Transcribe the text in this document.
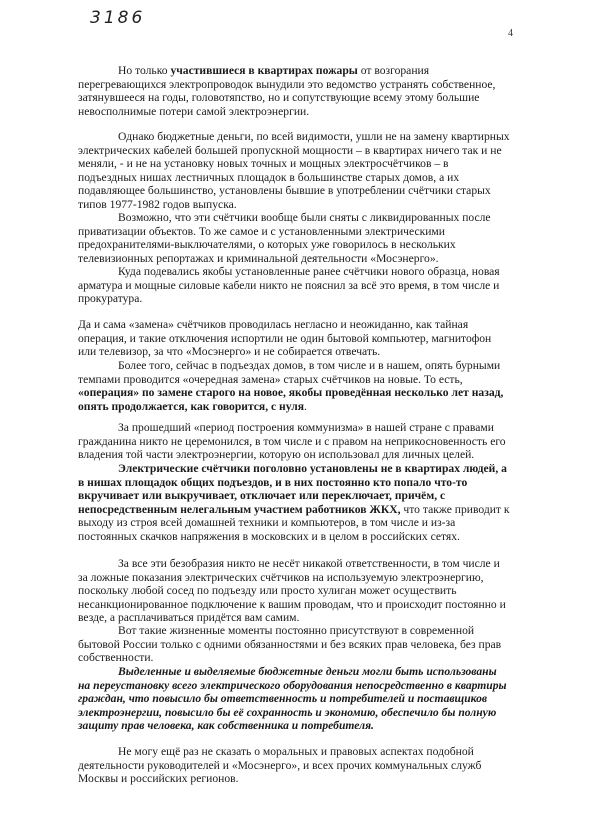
3186
4

Но только участившиеся в квартирах пожары от возгорания перегревающихся электропроводок вынудили это ведомство устранять собственное, затянувшееся на годы, головотяпство, но и сопутствующие всему этому большие невосполнимые потери самой электроэнергии.

Однако бюджетные деньги, по всей видимости, ушли не на замену квартирных электрических кабелей большей пропускной мощности – в квартирах ничего так и не меняли, - и не на установку новых точных и мощных электросчётчиков – в подъездных нишах лестничных площадок в большинстве старых домов, а их подавляющее большинство, установлены бывшие в употреблении счётчики старых типов 1977-1982 годов выпуска.

Возможно, что эти счётчики вообще были сняты с ликвидированных после приватизации объектов. То же самое и с установленными электрическими предохранителями-выключателями, о которых уже говорилось в нескольких телевизионных репортажах и криминальной деятельности «Мосэнерго».

Куда подевались якобы установленные ранее счётчики нового образца, новая арматура и мощные силовые кабели никто не пояснил за всё это время, в том числе и прокуратура.

Да и сама «замена» счётчиков проводилась негласно и неожиданно, как тайная операция, и такие отключения испортили не один бытовой компьютер, магнитофон или телевизор, за что «Мосэнерго» и не собирается отвечать.

Более того, сейчас в подъездах домов, в том числе и в нашем, опять бурными темпами проводится «очередная замена» старых счётчиков на новые. То есть, «операция» по замене старого на новое, якобы проведённая несколько лет назад, опять продолжается, как говорится, с нуля.

За прошедший «период построения коммунизма» в нашей стране с правами гражданина никто не церемонился, в том числе и с правом на неприкосновенность его владения той части электроэнергии, которую он использовал для личных целей.

Электрические счётчики поголовно установлены не в квартирах людей, а в нишах площадок общих подъездов, и в них постоянно кто попало что-то вкручивает или выкручивает, отключает или переключает, причём, с непосредственным нелегальным участием работников ЖКХ, что также приводит к выходу из строя всей домашней техники и компьютеров, в том числе и из-за постоянных скачков напряжения в московских и в целом в российских сетях.

За все эти безобразия никто не несёт никакой ответственности, в том числе и за ложные показания электрических счётчиков на используемую электроэнергию, поскольку любой сосед по подъезду или просто хулиган может осуществить несанкционированное подключение к вашим проводам, что и происходит постоянно и везде, а расплачиваться придётся вам самим.

Вот такие жизненные моменты постоянно присутствуют в современной бытовой России только с одними обязанностями и без всяких прав человека, без прав собственности.

Выделенные и выделяемые бюджетные деньги могли быть использованы на переустановку всего электрического оборудования непосредственно в квартиры граждан, что повысило бы ответственность и потребителей и поставщиков электроэнергии, повысило бы её сохранность и экономию, обеспечило бы полную защиту прав человека, как собственника и потребителя.

Не могу ещё раз не сказать о моральных и правовых аспектах подобной деятельности руководителей и «Мосэнерго», и всех прочих коммунальных служб Москвы и российских регионов.
